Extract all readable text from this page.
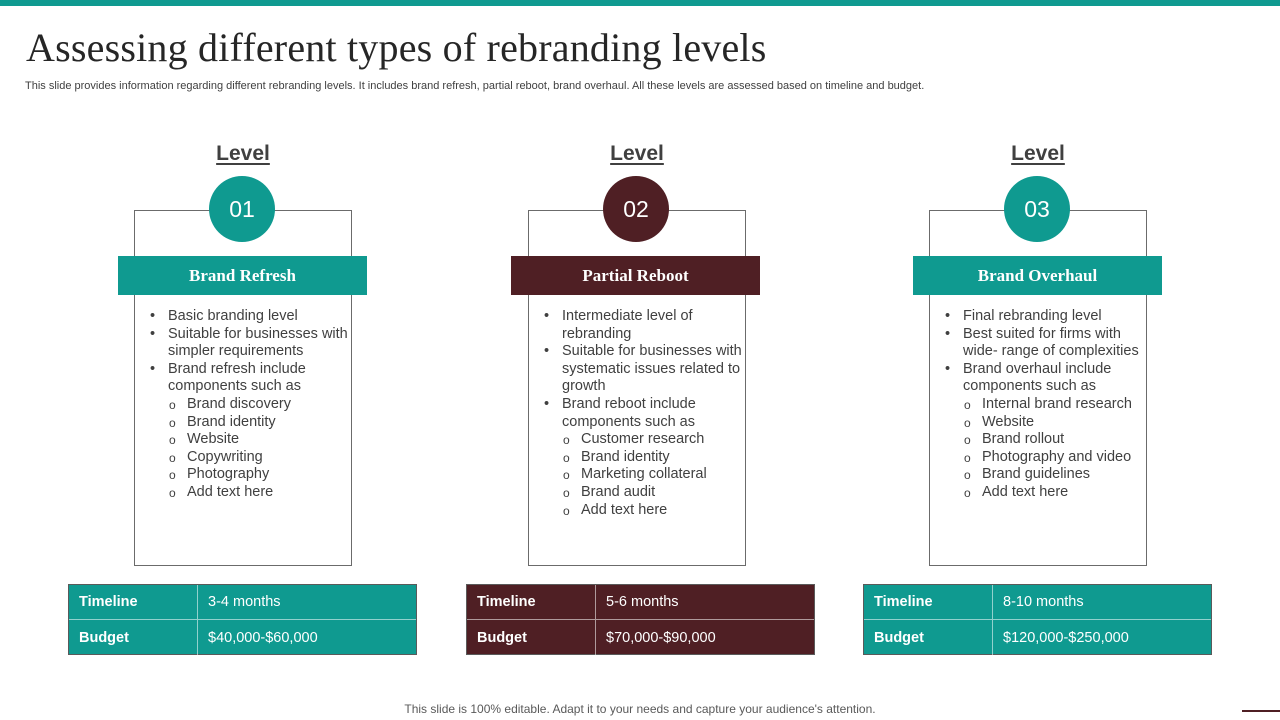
Assessing different types of rebranding levels

This slide provides information regarding different rebranding levels. It includes brand refresh, partial reboot, brand overhaul. All these levels are assessed based on timeline and budget.

Level
01
Brand Refresh
• Basic branding level
• Suitable for businesses with simpler requirements
• Brand refresh include components such as
o Brand discovery
o Brand identity
o Website
o Copywriting
o Photography
o Add text here
Timeline	3-4 months
Budget	$40,000-$60,000
Level
02
Partial Reboot
• Intermediate level of rebranding
• Suitable for businesses with systematic issues related to growth
• Brand reboot include components such as
o Customer research
o Brand identity
o Marketing collateral
o Brand audit
o Add text here
Timeline	5-6 months
Budget	$70,000-$90,000
Level
03
Brand Overhaul
• Final rebranding level
• Best suited for firms with wide- range of complexities
• Brand overhaul include components such as
o Internal brand research
o Website
o Brand rollout
o Photography and video
o Brand guidelines
o Add text here
Timeline	8-10 months
Budget	$120,000-$250,000

This slide is 100% editable. Adapt it to your needs and capture your audience's attention.
